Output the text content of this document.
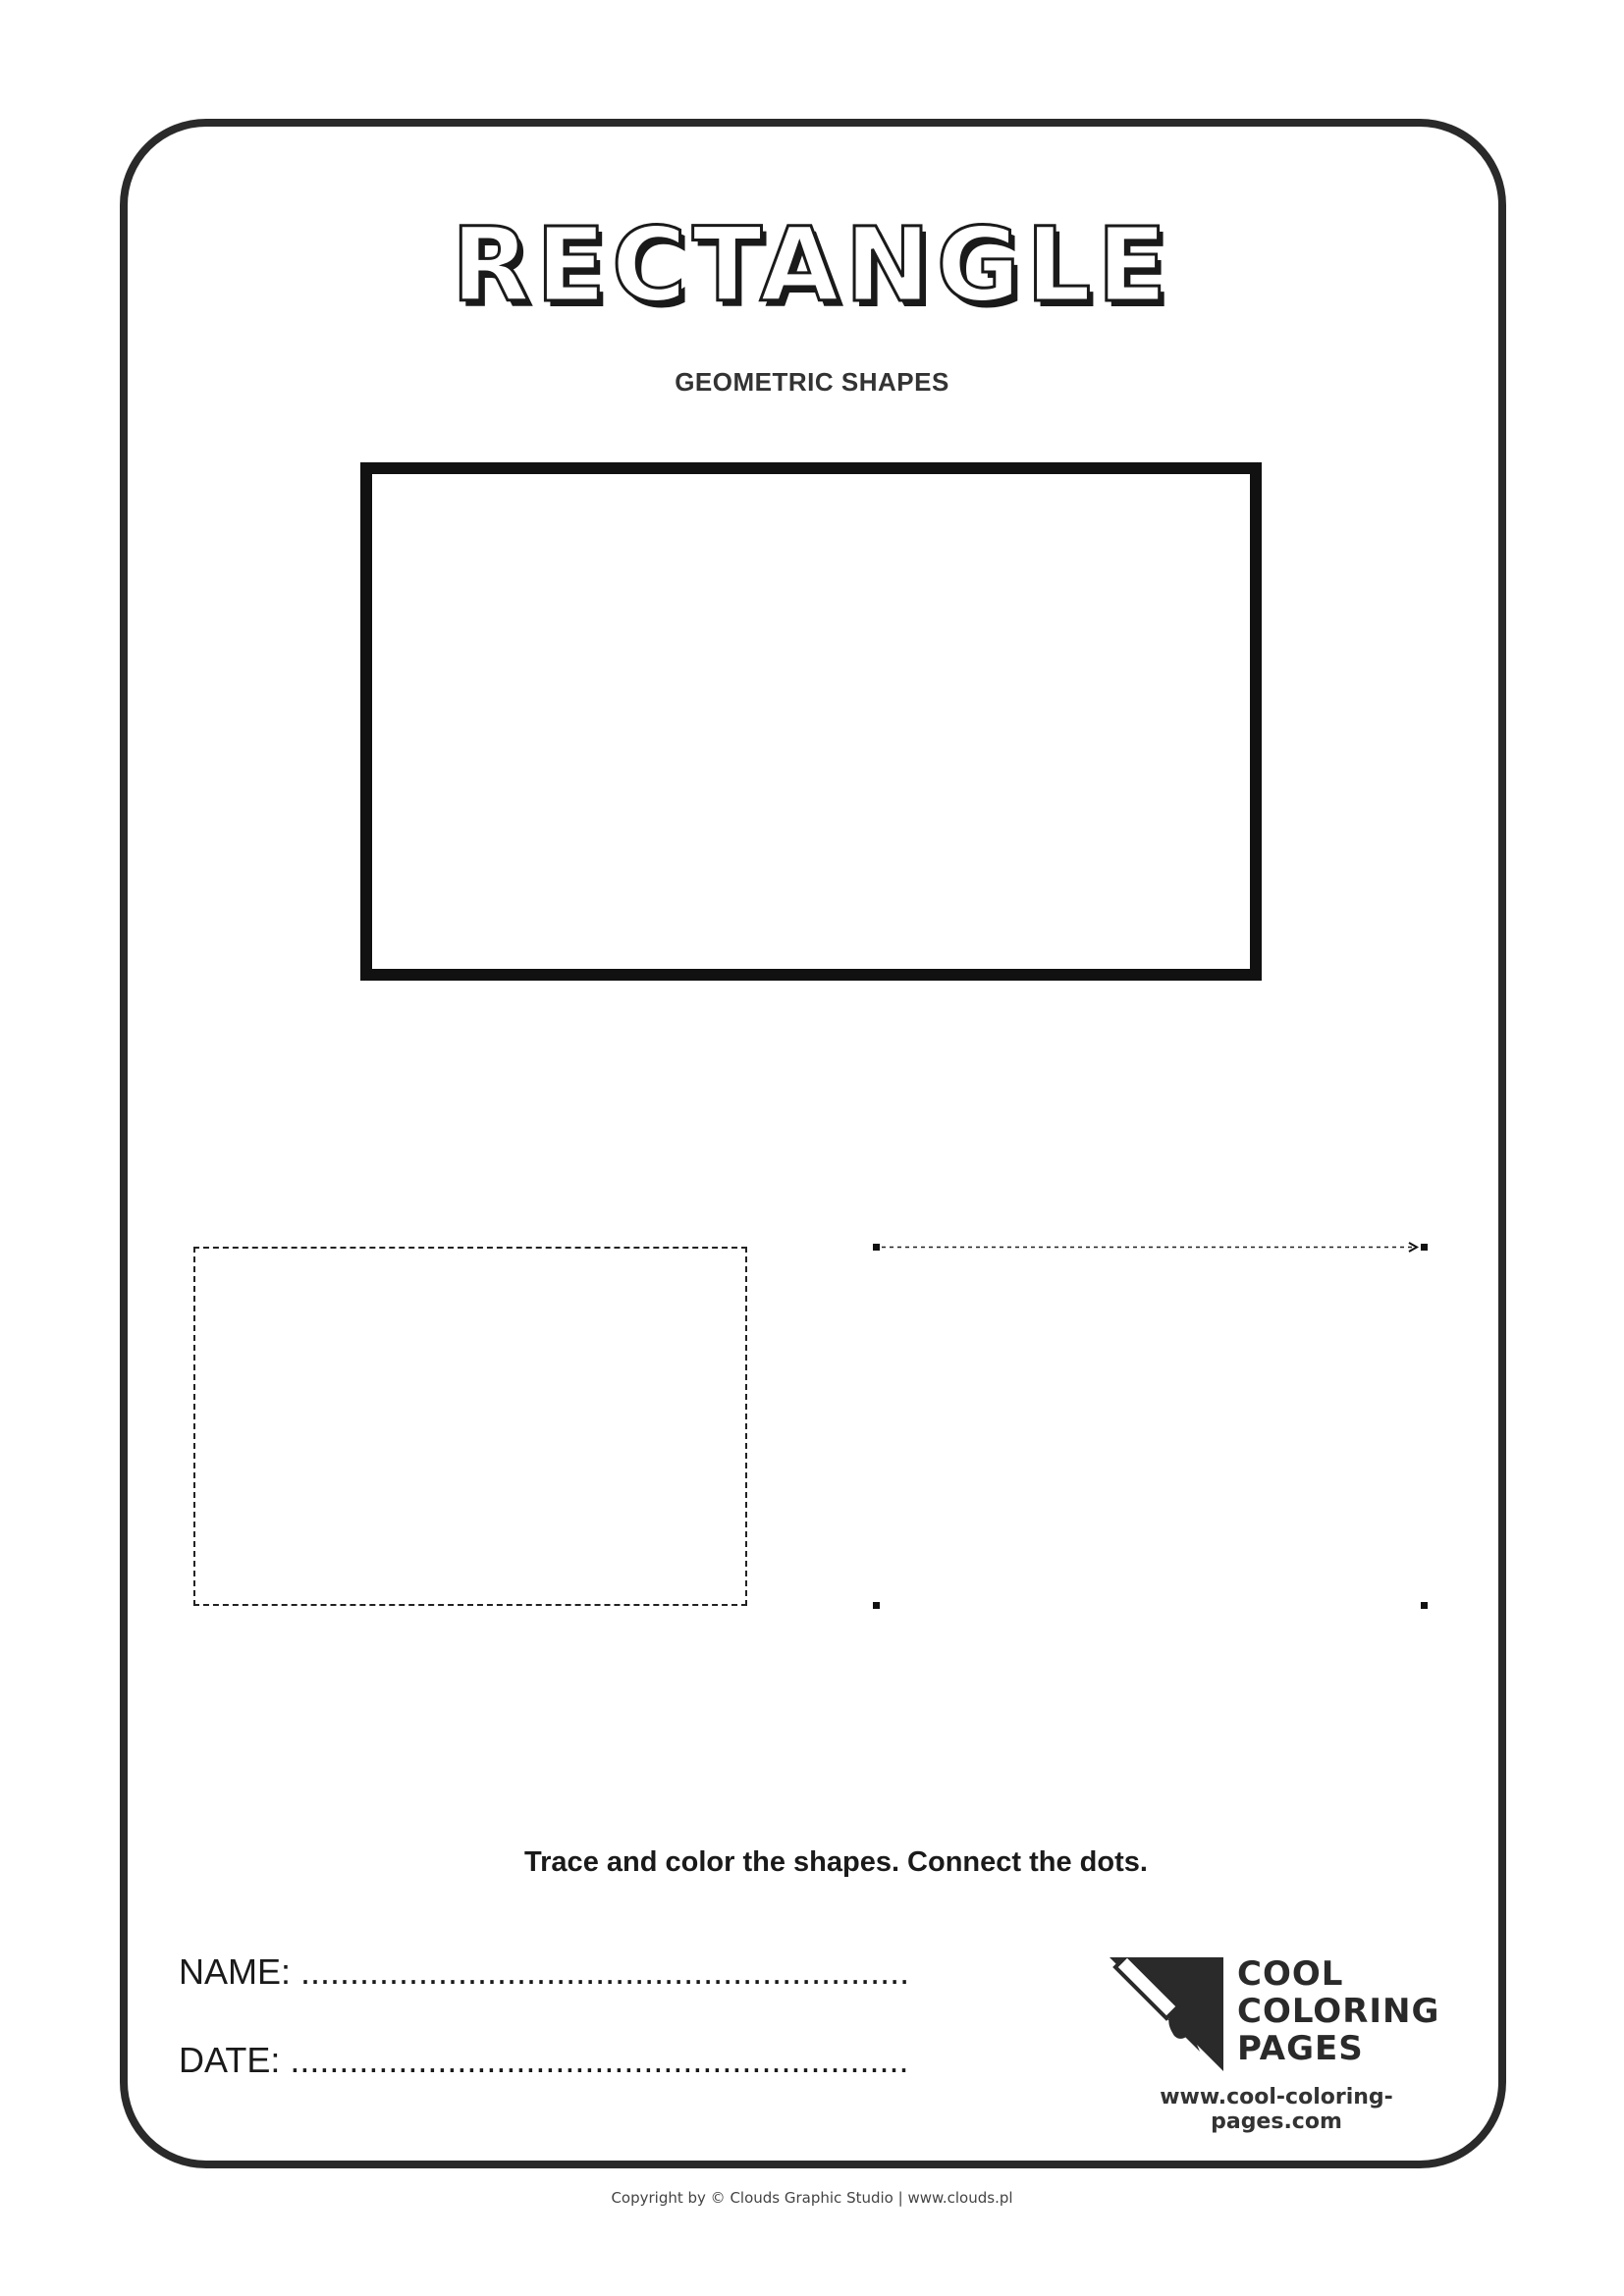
RECTANGLE
GEOMETRIC SHAPES
Trace and color the shapes. Connect the dots.
NAME: ..............................................................
DATE: ...............................................................
COOL
COLORING
PAGES
www.cool-coloring-pages.com
Copyright by © Clouds Graphic Studio | www.clouds.pl
